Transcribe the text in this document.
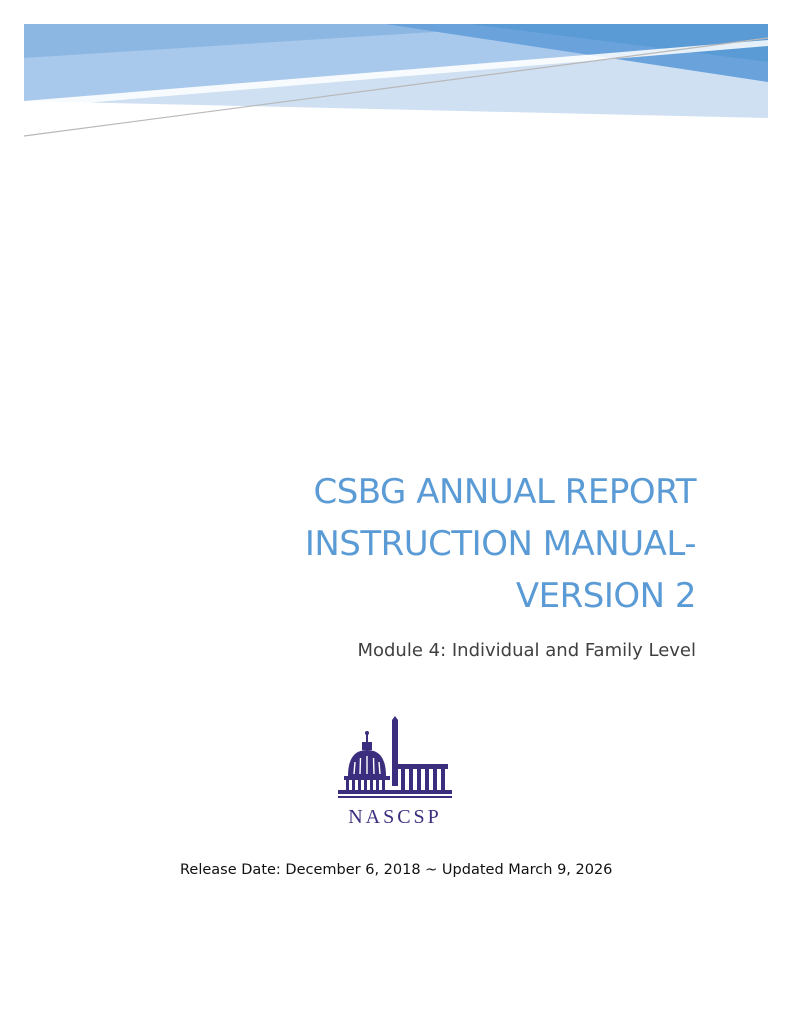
CSBG ANNUAL REPORT
INSTRUCTION MANUAL-
VERSION 2
Module 4: Individual and Family Level
NASCSP
Release Date: December 6, 2018 ~ Updated March 9, 2026
